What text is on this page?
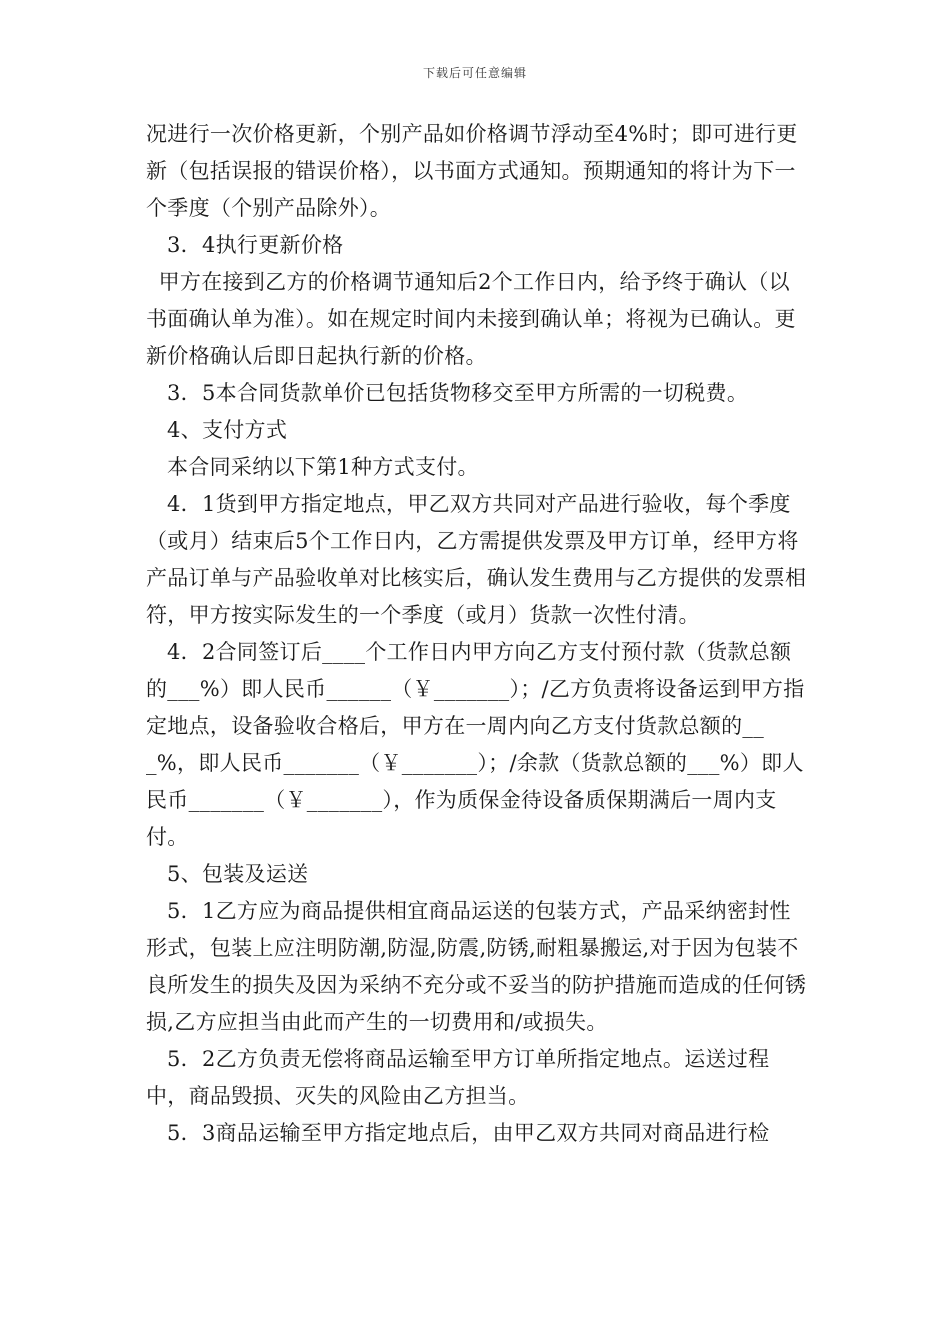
下载后可任意编辑

况进行一次价格更新，个别产品如价格调节浮动至4%时；即可进行更新（包括误报的错误价格），以书面方式通知。预期通知的将计为下一个季度（个别产品除外）。

3．4执行更新价格

甲方在接到乙方的价格调节通知后2个工作日内，给予终于确认（以书面确认单为准）。如在规定时间内未接到确认单；将视为已确认。更新价格确认后即日起执行新的价格。

3．5本合同货款单价已包括货物移交至甲方所需的一切税费。

4、支付方式

本合同采纳以下第1种方式支付。

4．1货到甲方指定地点，甲乙双方共同对产品进行验收，每个季度（或月）结束后5个工作日内，乙方需提供发票及甲方订单，经甲方将产品订单与产品验收单对比核实后，确认发生费用与乙方提供的发票相符，甲方按实际发生的一个季度（或月）货款一次性付清。

4．2合同签订后____个工作日内甲方向乙方支付预付款（货款总额的___%）即人民币______（￥_______）；/乙方负责将设备运到甲方指定地点，设备验收合格后，甲方在一周内向乙方支付货款总额的___%，即人民币_______（￥_______）；/余款（货款总额的___%）即人民币_______（￥_______），作为质保金待设备质保期满后一周内支付。

5、包装及运送

5．1乙方应为商品提供相宜商品运送的包装方式，产品采纳密封性形式，包装上应注明防潮,防湿,防震,防锈,耐粗暴搬运,对于因为包装不良所发生的损失及因为采纳不充分或不妥当的防护措施而造成的任何锈损,乙方应担当由此而产生的一切费用和/或损失。

5．2乙方负责无偿将商品运输至甲方订单所指定地点。运送过程中，商品毁损、灭失的风险由乙方担当。

5．3商品运输至甲方指定地点后，由甲乙双方共同对商品进行检
